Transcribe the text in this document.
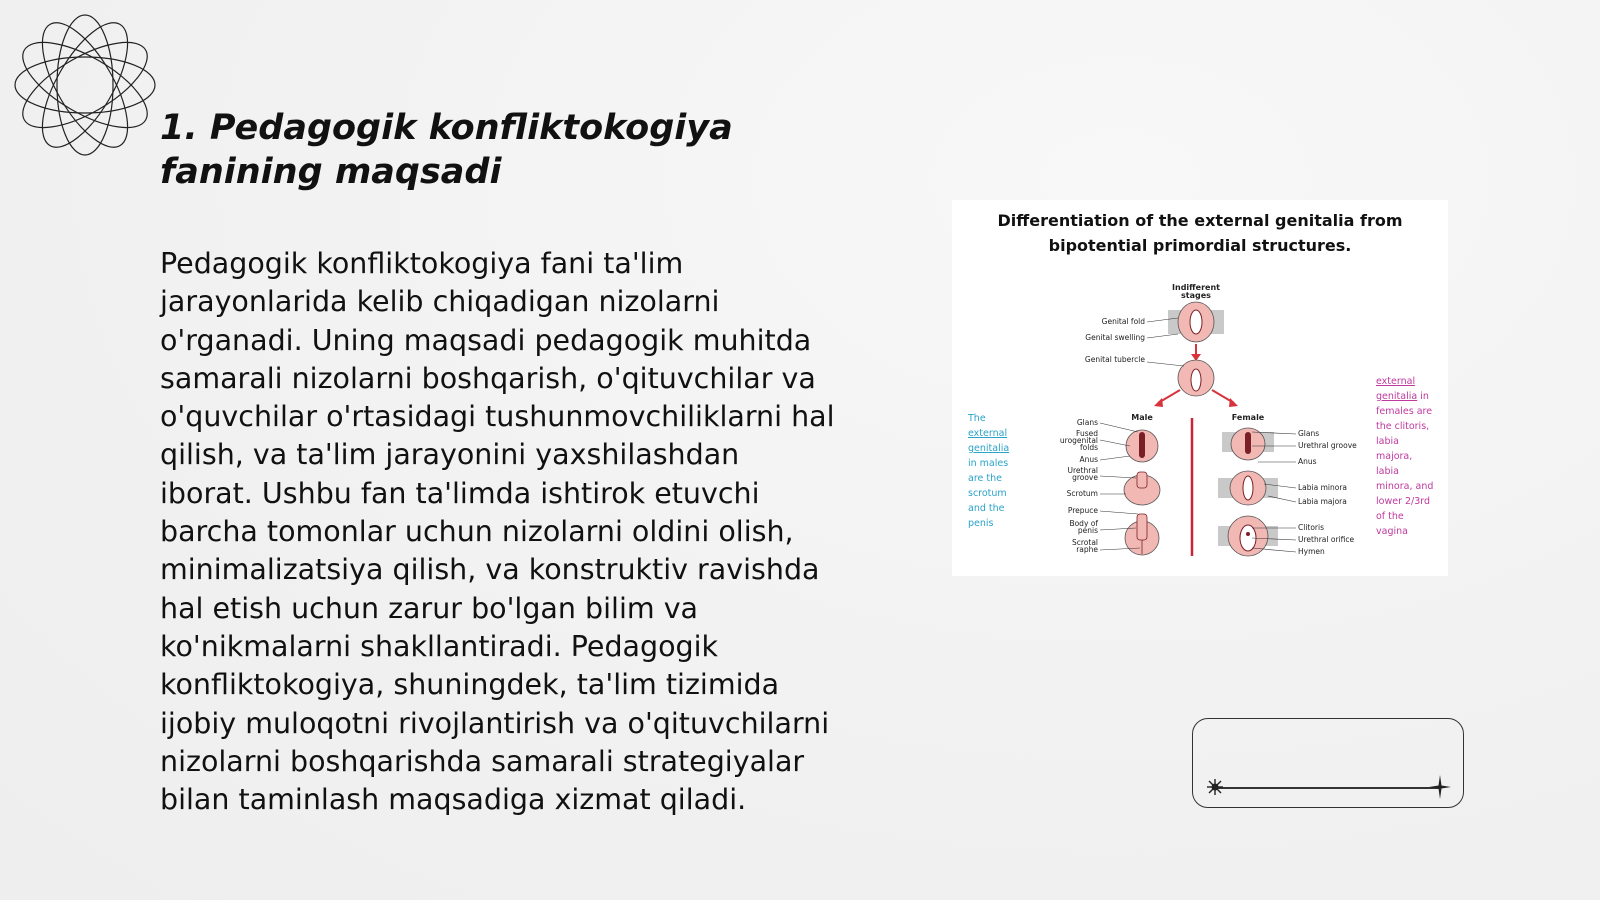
1. Pedagogik konfliktokogiya fanining maqsadi

Pedagogik konfliktokogiya fani ta'lim jarayonlarida kelib chiqadigan nizolarni o'rganadi. Uning maqsadi pedagogik muhitda samarali nizolarni boshqarish, o'qituvchilar va o'quvchilar o'rtasidagi tushunmovchiliklarni hal qilish, va ta'lim jarayonini yaxshilashdan iborat. Ushbu fan ta'limda ishtirok etuvchi barcha tomonlar uchun nizolarni oldini olish, minimalizatsiya qilish, va konstruktiv ravishda hal etish uchun zarur bo'lgan bilim va ko'nikmalarni shakllantiradi. Pedagogik konfliktokogiya, shuningdek, ta'lim tizimida ijobiy muloqotni rivojlantirish va o'qituvchilarni nizolarni boshqarishda samarali strategiyalar bilan taminlash maqsadiga xizmat qiladi.

Differentiation of the external genitalia from
bipotential primordial structures.
Indifferent
stages
Genital fold
Genital swelling
Genital tubercle
Male	Female
Glans
Fused
urogenital
folds
Anus
Urethral
groove
Scrotum
Prepuce
Body of
penis
Scrotal
raphe
Glans
Urethral groove
Anus
Labia minora
Labia majora
Clitoris
Urethral orifice
Hymen
The external genitalia in males are the scrotum and the penis
external genitalia in females are the clitoris, labia majora, labia minora, and lower 2/3rd of the vagina
